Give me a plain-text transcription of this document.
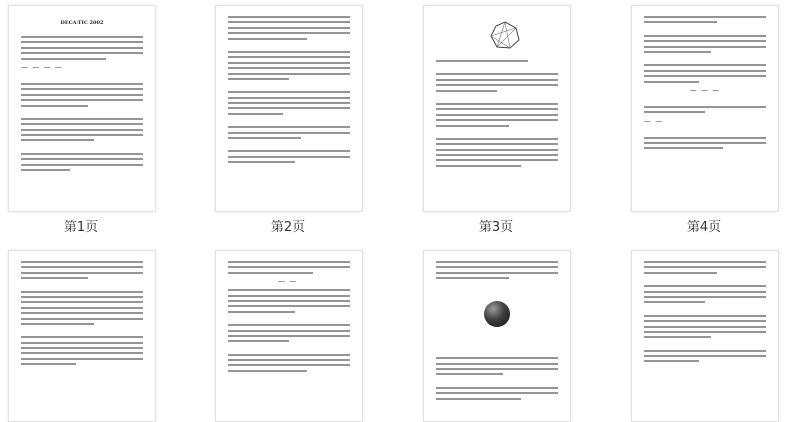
DECA-TIC 2002
— — — —
第1页	第2页	第3页
— — —
— —
第4页
— —
